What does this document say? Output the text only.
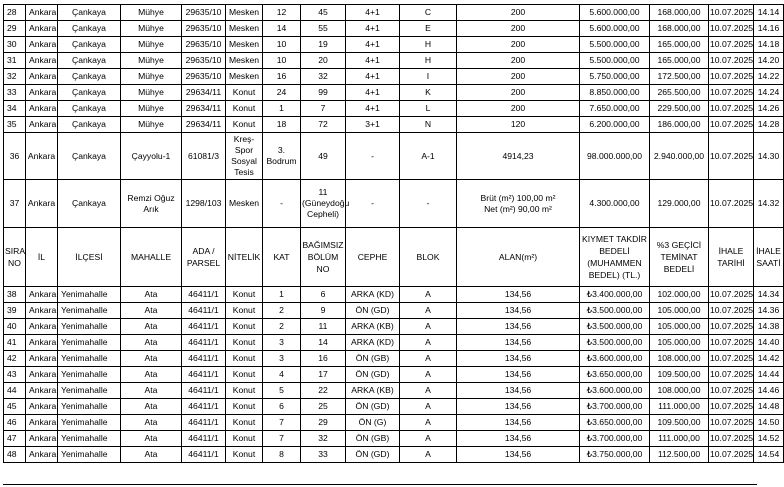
28	Ankara	Çankaya	Mühye	29635/10	Mesken	12	45	4+1	C	200	5.600.000,00	168.000,00	10.07.2025	14.14
29	Ankara	Çankaya	Mühye	29635/10	Mesken	14	55	4+1	E	200	5.600.000,00	168.000,00	10.07.2025	14.16
30	Ankara	Çankaya	Mühye	29635/10	Mesken	10	19	4+1	H	200	5.500.000,00	165.000,00	10.07.2025	14.18
31	Ankara	Çankaya	Mühye	29635/10	Mesken	10	20	4+1	H	200	5.500.000,00	165.000,00	10.07.2025	14.20
32	Ankara	Çankaya	Mühye	29635/10	Mesken	16	32	4+1	I	200	5.750.000,00	172.500,00	10.07.2025	14.22
33	Ankara	Çankaya	Mühye	29634/11	Konut	24	99	4+1	K	200	8.850.000,00	265.500,00	10.07.2025	14.24
34	Ankara	Çankaya	Mühye	29634/11	Konut	1	7	4+1	L	200	7.650.000,00	229.500,00	10.07.2025	14.26
35	Ankara	Çankaya	Mühye	29634/11	Konut	18	72	3+1	N	120	6.200.000,00	186.000,00	10.07.2025	14.28
36	Ankara	Çankaya	Çayyolu-1	61081/3	Kreş-Spor Sosyal Tesis	3. Bodrum	49	-	A-1	4914,23	98.000.000,00	2.940.000,00	10.07.2025	14.30
37	Ankara	Çankaya	Remzi Oğuz Arık	1298/103	Mesken	-	11 (Güneydoğu Cepheli)	-	-	Brüt (m²) 100,00 m²
Net (m²) 90,00 m²	4.300.000,00	129.000,00	10.07.2025	14.32
SIRA NO	İL	İLÇESİ	MAHALLE	ADA / PARSEL	NİTELİK	KAT	BAĞIMSIZ BÖLÜM NO	CEPHE	BLOK	ALAN(m²)	KIYMET TAKDİR BEDELİ (MUHAMMEN BEDEL) (TL.)	%3 GEÇİCİ TEMİNAT BEDELİ	İHALE TARİHİ	İHALE SAATİ
38	Ankara	Yenimahalle	Ata	46411/1	Konut	1	6	ARKA (KD)	A	134,56	₺3.400.000,00	102.000,00	10.07.2025	14.34
39	Ankara	Yenimahalle	Ata	46411/1	Konut	2	9	ÖN (GD)	A	134,56	₺3.500.000,00	105.000,00	10.07.2025	14.36
40	Ankara	Yenimahalle	Ata	46411/1	Konut	2	11	ARKA (KB)	A	134,56	₺3.500.000,00	105.000,00	10.07.2025	14.38
41	Ankara	Yenimahalle	Ata	46411/1	Konut	3	14	ARKA (KD)	A	134,56	₺3.500.000,00	105.000,00	10.07.2025	14.40
42	Ankara	Yenimahalle	Ata	46411/1	Konut	3	16	ÖN (GB)	A	134,56	₺3.600.000,00	108.000,00	10.07.2025	14.42
43	Ankara	Yenimahalle	Ata	46411/1	Konut	4	17	ÖN (GD)	A	134,56	₺3.650.000,00	109.500,00	10.07.2025	14.44
44	Ankara	Yenimahalle	Ata	46411/1	Konut	5	22	ARKA (KB)	A	134,56	₺3.600.000,00	108.000,00	10.07.2025	14.46
45	Ankara	Yenimahalle	Ata	46411/1	Konut	6	25	ÖN (GD)	A	134,56	₺3.700.000,00	111.000,00	10.07.2025	14.48
46	Ankara	Yenimahalle	Ata	46411/1	Konut	7	29	ÖN (G)	A	134,56	₺3.650.000,00	109.500,00	10.07.2025	14.50
47	Ankara	Yenimahalle	Ata	46411/1	Konut	7	32	ÖN (GB)	A	134,56	₺3.700.000,00	111.000,00	10.07.2025	14.52
48	Ankara	Yenimahalle	Ata	46411/1	Konut	8	33	ÖN (GD)	A	134,56	₺3.750.000,00	112.500,00	10.07.2025	14.54
